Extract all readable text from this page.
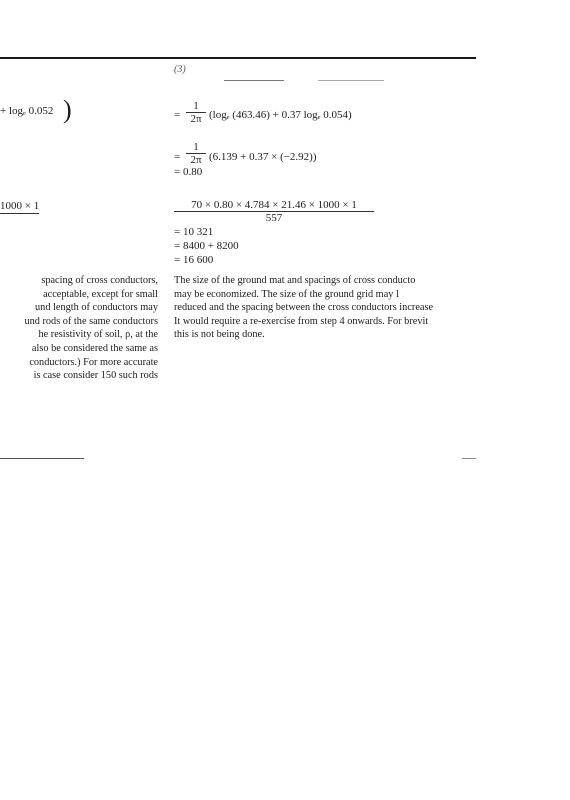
(3)
+ logₑ 0.052 )
1000 × 1
spacing of cross conductors,
acceptable, except for small
und length of conductors may
und rods of the same conductors
he resistivity of soil, ρ, at the
also be considered the same as
conductors.) For more accurate
is case consider 150 such rods
= $\frac{1}{2\pi} (\log_e$ (463.46) + 0.37 logₑ 0.054)
= $\frac{1}{2\pi} (6.139 + 0.37 \times (-2.92))$
= 0.80
$\frac{70 \times 0.80 \times 4.784 \times 21.46 \times 1000 \times 1}{557}$
= 10 321
= 8400 + 8200
= 16 600
The size of the ground mat and spacings of cross conducto
may be economized. The size of the ground grid may l
reduced and the spacing between the cross conductors increase
It would require a re-exercise from step 4 onwards. For brevit
this is not being done.
